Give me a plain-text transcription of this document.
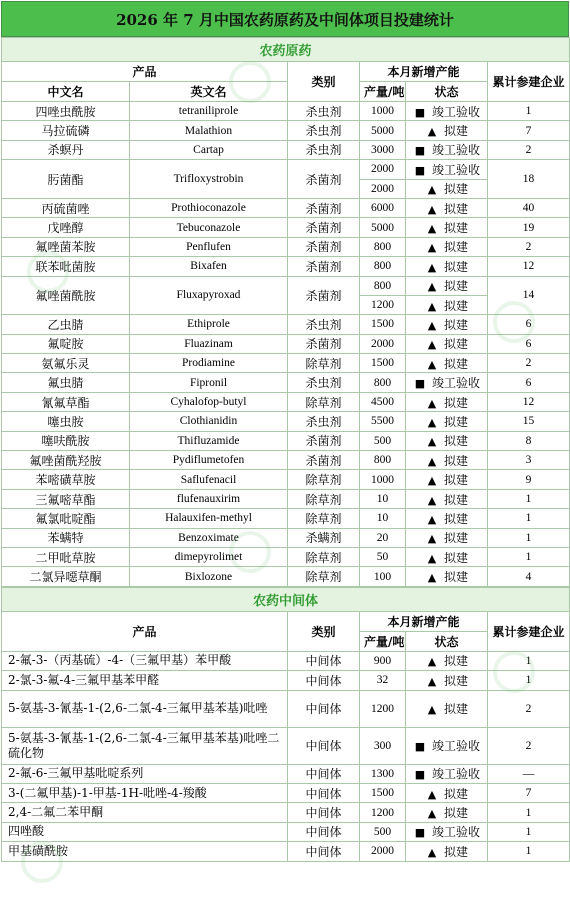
2026 年 7 月中国农药原药及中间体项目投建统计
农药原药					
产品		类别	本月新增产能		累计参建企业
中文名	英文名		产量/吨	状态	
四唑虫酰胺	tetraniliprole	杀虫剂	1000	■ 竣工验收	1
马拉硫磷	Malathion	杀虫剂	5000	▲ 拟建	7
杀螟丹	Cartap	杀虫剂	3000	■ 竣工验收	2
肟菌酯	Trifloxystrobin	杀菌剂	2000	■ 竣工验收	18
			2000	▲ 拟建	
丙硫菌唑	Prothioconazole	杀菌剂	6000	▲ 拟建	40
戊唑醇	Tebuconazole	杀菌剂	5000	▲ 拟建	19
氟唑菌苯胺	Penflufen	杀菌剂	800	▲ 拟建	2
联苯吡菌胺	Bixafen	杀菌剂	800	▲ 拟建	12
氟唑菌酰胺	Fluxapyroxad	杀菌剂	800	▲ 拟建	14
			1200	▲ 拟建	
乙虫腈	Ethiprole	杀虫剂	1500	▲ 拟建	6
氟啶胺	Fluazinam	杀菌剂	2000	▲ 拟建	6
氨氟乐灵	Prodiamine	除草剂	1500	▲ 拟建	2
氟虫腈	Fipronil	杀虫剂	800	■ 竣工验收	6
氰氟草酯	Cyhalofop-butyl	除草剂	4500	▲ 拟建	12
噻虫胺	Clothianidin	杀虫剂	5500	▲ 拟建	15
噻呋酰胺	Thifluzamide	杀菌剂	500	▲ 拟建	8
氟唑菌酰羟胺	Pydiflumetofen	杀菌剂	800	▲ 拟建	3
苯嘧磺草胺	Saflufenacil	除草剂	1000	▲ 拟建	9
三氟嘧草酯	flufenauxirim	除草剂	10	▲ 拟建	1
氟氯吡啶酯	Halauxifen-methyl	除草剂	10	▲ 拟建	1
苯螨特	Benzoximate	杀螨剂	20	▲ 拟建	1
二甲吡草胺	dimepyrolimet	除草剂	50	▲ 拟建	1
二氯异噁草酮	Bixlozone	除草剂	100	▲ 拟建	4
农药中间体				
产品	类别	本月新增产能		累计参建企业
		产量/吨	状态	
2-氟-3-（丙基硫）-4-（三氟甲基）苯甲酸	中间体	900	▲ 拟建	1
2-氯-3-氟-4-三氟甲基苯甲醛	中间体	32	▲ 拟建	1
5-氨基-3-氰基-1-(2,6-二氯-4-三氟甲基苯基)吡唑	中间体	1200	▲ 拟建	2
5-氨基-3-氰基-1-(2,6-二氯-4-三氟甲基苯基)吡唑二硫化物	中间体	300	■ 竣工验收	2
2-氟-6-三氟甲基吡啶系列	中间体	1300	■ 竣工验收	—
3-(二氟甲基)-1-甲基-1H-吡唑-4-羧酸	中间体	1500	▲ 拟建	7
2,4-二氟二苯甲酮	中间体	1200	▲ 拟建	1
四唑酸	中间体	500	■ 竣工验收	1
甲基磺酰胺	中间体	2000	▲ 拟建	1
